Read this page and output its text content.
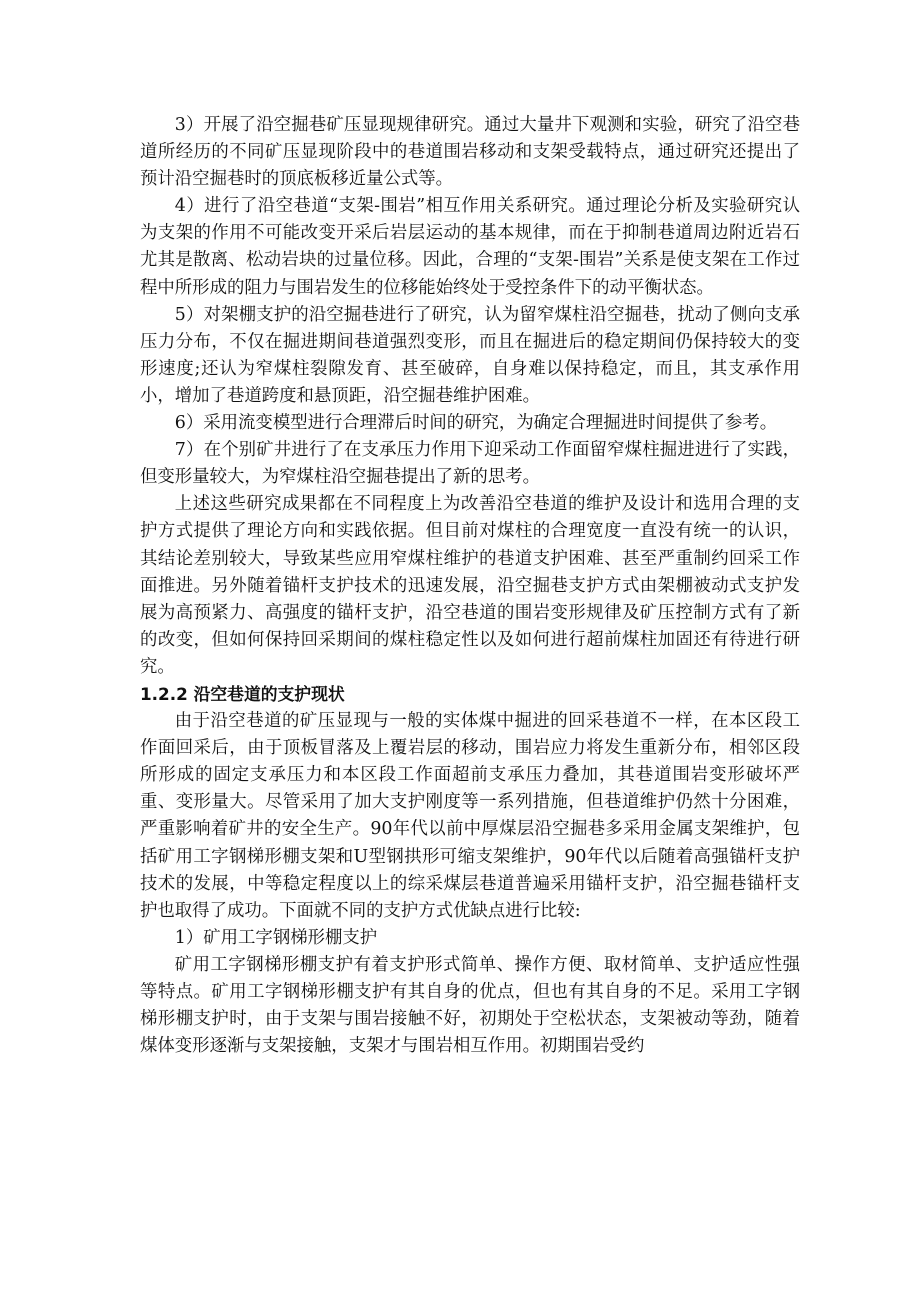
3）开展了沿空掘巷矿压显现规律研究。通过大量井下观测和实验，研究了沿空巷道所经历的不同矿压显现阶段中的巷道围岩移动和支架受载特点，通过研究还提出了预计沿空掘巷时的顶底板移近量公式等。

4）进行了沿空巷道“支架-围岩”相互作用关系研究。通过理论分析及实验研究认为支架的作用不可能改变开采后岩层运动的基本规律，而在于抑制巷道周边附近岩石尤其是散离、松动岩块的过量位移。因此，合理的“支架-围岩”关系是使支架在工作过程中所形成的阻力与围岩发生的位移能始终处于受控条件下的动平衡状态。

5）对架棚支护的沿空掘巷进行了研究，认为留窄煤柱沿空掘巷，扰动了侧向支承压力分布，不仅在掘进期间巷道强烈变形，而且在掘进后的稳定期间仍保持较大的变形速度;还认为窄煤柱裂隙发育、甚至破碎，自身难以保持稳定，而且，其支承作用小，增加了巷道跨度和悬顶距，沿空掘巷维护困难。

6）采用流变模型进行合理滞后时间的研究，为确定合理掘进时间提供了参考。

7）在个别矿井进行了在支承压力作用下迎采动工作面留窄煤柱掘进进行了实践，但变形量较大，为窄煤柱沿空掘巷提出了新的思考。

上述这些研究成果都在不同程度上为改善沿空巷道的维护及设计和选用合理的支护方式提供了理论方向和实践依据。但目前对煤柱的合理宽度一直没有统一的认识，其结论差别较大，导致某些应用窄煤柱维护的巷道支护困难、甚至严重制约回采工作面推进。另外随着锚杆支护技术的迅速发展，沿空掘巷支护方式由架棚被动式支护发展为高预紧力、高强度的锚杆支护，沿空巷道的围岩变形规律及矿压控制方式有了新的改变，但如何保持回采期间的煤柱稳定性以及如何进行超前煤柱加固还有待进行研究。

1.2.2 沿空巷道的支护现状

由于沿空巷道的矿压显现与一般的实体煤中掘进的回采巷道不一样，在本区段工作面回采后，由于顶板冒落及上覆岩层的移动，围岩应力将发生重新分布，相邻区段所形成的固定支承压力和本区段工作面超前支承压力叠加，其巷道围岩变形破坏严重、变形量大。尽管采用了加大支护刚度等一系列措施，但巷道维护仍然十分困难，严重影响着矿井的安全生产。90年代以前中厚煤层沿空掘巷多采用金属支架维护，包括矿用工字钢梯形棚支架和U型钢拱形可缩支架维护，90年代以后随着高强锚杆支护技术的发展，中等稳定程度以上的综采煤层巷道普遍采用锚杆支护，沿空掘巷锚杆支护也取得了成功。下面就不同的支护方式优缺点进行比较:

1）矿用工字钢梯形棚支护

矿用工字钢梯形棚支护有着支护形式简单、操作方便、取材简单、支护适应性强等特点。矿用工字钢梯形棚支护有其自身的优点，但也有其自身的不足。采用工字钢梯形棚支护时，由于支架与围岩接触不好，初期处于空松状态，支架被动等劲，随着煤体变形逐渐与支架接触，支架才与围岩相互作用。初期围岩受约
